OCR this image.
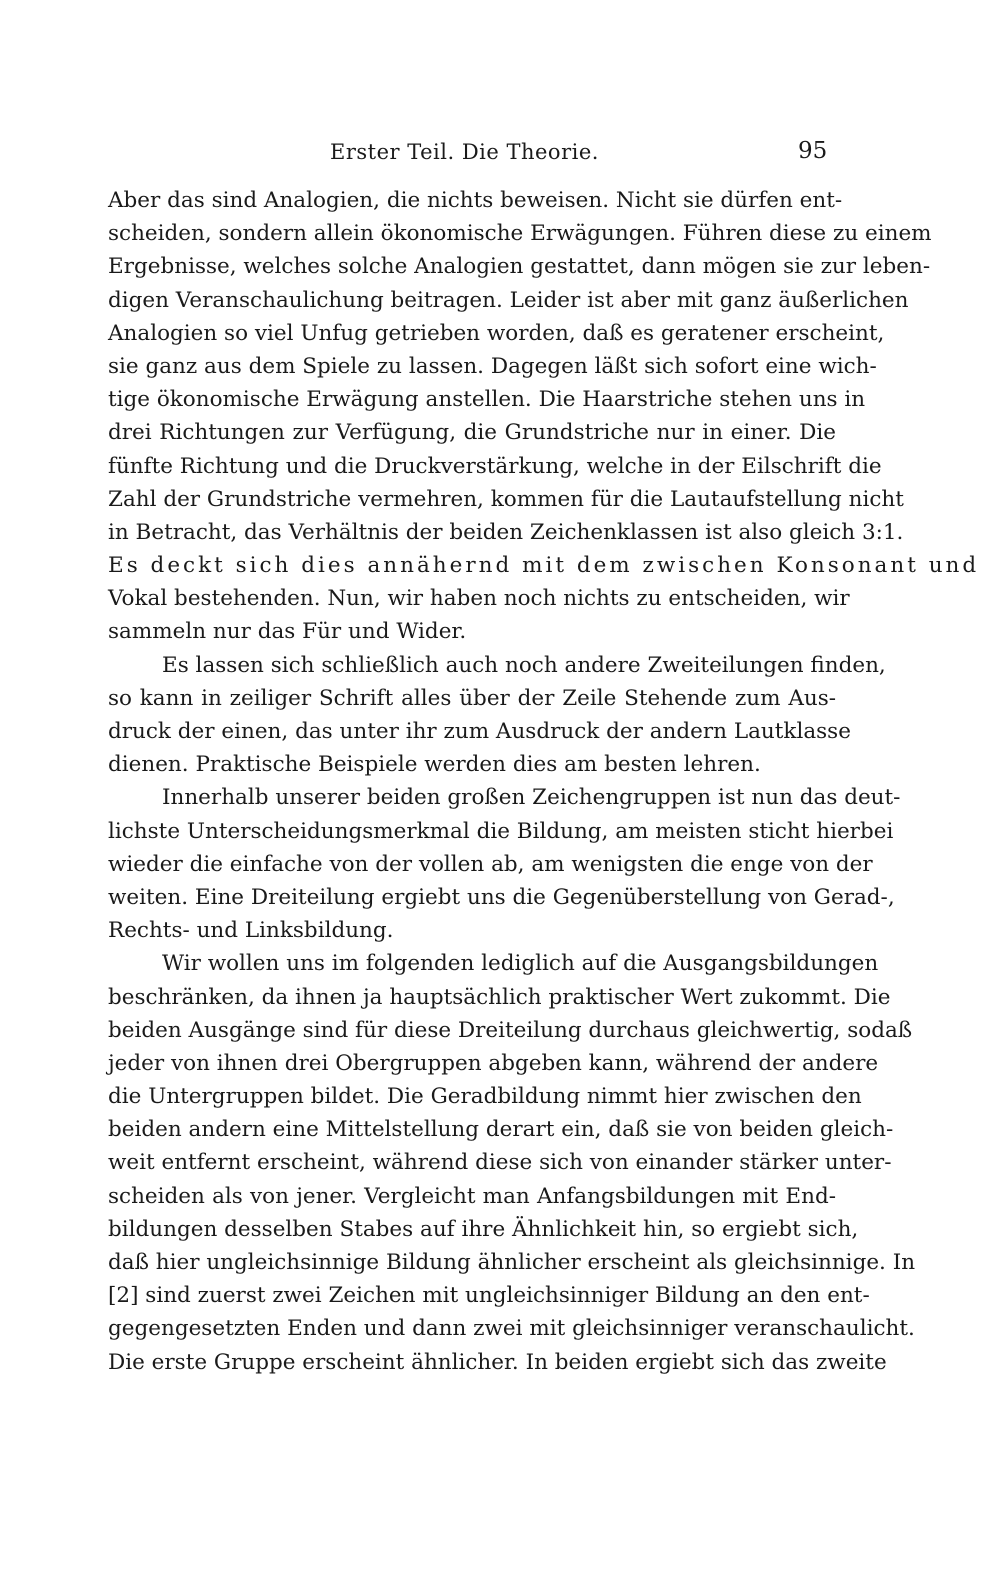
Erster Teil. Die Theorie.	95
Aber das sind Analogien, die nichts beweisen. Nicht sie dürfen ent-
scheiden, sondern allein ökonomische Erwägungen. Führen diese zu einem
Ergebnisse, welches solche Analogien gestattet, dann mögen sie zur leben-
digen Veranschaulichung beitragen. Leider ist aber mit ganz äußerlichen
Analogien so viel Unfug getrieben worden, daß es geratener erscheint,
sie ganz aus dem Spiele zu lassen. Dagegen läßt sich sofort eine wich-
tige ökonomische Erwägung anstellen. Die Haarstriche stehen uns in
drei Richtungen zur Verfügung, die Grundstriche nur in einer. Die
fünfte Richtung und die Druckverstärkung, welche in der Eilschrift die
Zahl der Grundstriche vermehren, kommen für die Lautaufstellung nicht
in Betracht, das Verhältnis der beiden Zeichenklassen ist also gleich 3:1.
Es deckt sich dies annähernd mit dem zwischen Konsonant und
Vokal bestehenden. Nun, wir haben noch nichts zu entscheiden, wir
sammeln nur das Für und Wider.
Es lassen sich schließlich auch noch andere Zweiteilungen finden,
so kann in zeiliger Schrift alles über der Zeile Stehende zum Aus-
druck der einen, das unter ihr zum Ausdruck der andern Lautklasse
dienen. Praktische Beispiele werden dies am besten lehren.
Innerhalb unserer beiden großen Zeichengruppen ist nun das deut-
lichste Unterscheidungsmerkmal die Bildung, am meisten sticht hierbei
wieder die einfache von der vollen ab, am wenigsten die enge von der
weiten. Eine Dreiteilung ergiebt uns die Gegenüberstellung von Gerad-,
Rechts- und Linksbildung.
Wir wollen uns im folgenden lediglich auf die Ausgangsbildungen
beschränken, da ihnen ja hauptsächlich praktischer Wert zukommt. Die
beiden Ausgänge sind für diese Dreiteilung durchaus gleichwertig, sodaß
jeder von ihnen drei Obergruppen abgeben kann, während der andere
die Untergruppen bildet. Die Geradbildung nimmt hier zwischen den
beiden andern eine Mittelstellung derart ein, daß sie von beiden gleich-
weit entfernt erscheint, während diese sich von einander stärker unter-
scheiden als von jener. Vergleicht man Anfangsbildungen mit End-
bildungen desselben Stabes auf ihre Ähnlichkeit hin, so ergiebt sich,
daß hier ungleichsinnige Bildung ähnlicher erscheint als gleichsinnige. In
[2] sind zuerst zwei Zeichen mit ungleichsinniger Bildung an den ent-
gegengesetzten Enden und dann zwei mit gleichsinniger veranschaulicht.
Die erste Gruppe erscheint ähnlicher. In beiden ergiebt sich das zweite
